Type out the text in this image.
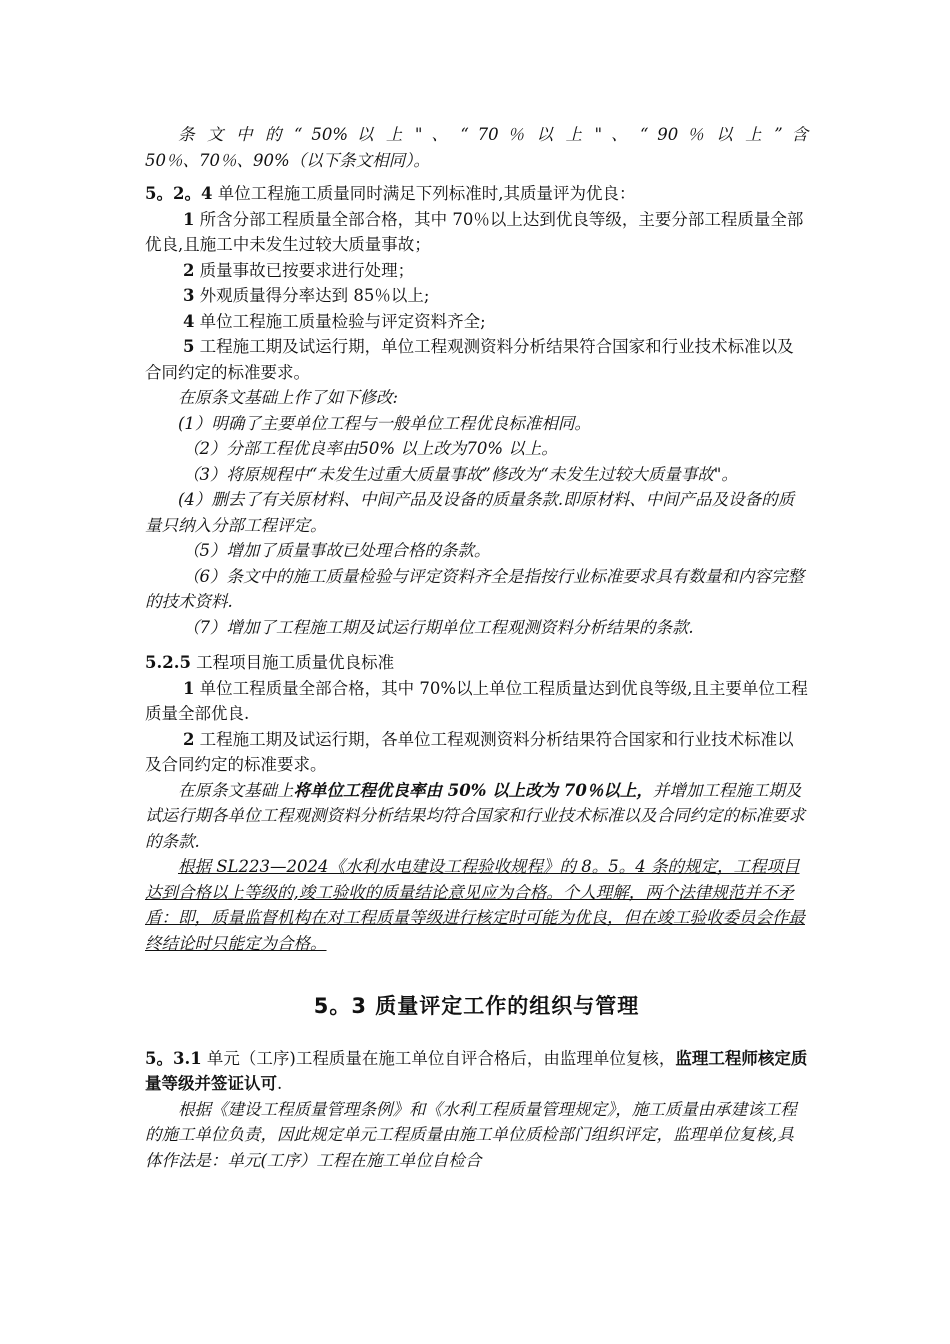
条 文 中 的 “ 50% 以 上 " 、 “ 70 ％ 以 上 " 、 “ 90 ％ 以 上 ” 含

50％、70％、90%（以下条文相同）。

5。2。4 单位工程施工质量同时满足下列标准时,其质量评为优良：

1 所含分部工程质量全部合格，其中 70％以上达到优良等级，主要分部工程质量全部优良,且施工中未发生过较大质量事故；

2 质量事故已按要求进行处理；

3 外观质量得分率达到 85％以上;

4 单位工程施工质量检验与评定资料齐全;

5 工程施工期及试运行期，单位工程观测资料分析结果符合国家和行业技术标准以及合同约定的标准要求。

在原条文基础上作了如下修改:

(1）明确了主要单位工程与一般单位工程优良标准相同。

（2）分部工程优良率由50% 以上改为70% 以上。

（3）将原规程中“未发生过重大质量事故”修改为“未发生过较大质量事故"。

(4）删去了有关原材料、中间产品及设备的质量条款.即原材料、中间产品及设备的质量只纳入分部工程评定。

（5）增加了质量事故已处理合格的条款。

（6）条文中的施工质量检验与评定资料齐全是指按行业标准要求具有数量和内容完整的技术资料.

（7）增加了工程施工期及试运行期单位工程观测资料分析结果的条款.

5.2.5 工程项目施工质量优良标准

1 单位工程质量全部合格，其中 70%以上单位工程质量达到优良等级,且主要单位工程质量全部优良.

2 工程施工期及试运行期，各单位工程观测资料分析结果符合国家和行业技术标准以及合同约定的标准要求。

在原条文基础上将单位工程优良率由 50% 以上改为 70％以上，并增加工程施工期及试运行期各单位工程观测资料分析结果均符合国家和行业技术标准以及合同约定的标准要求的条款.

根据 SL223—2024《水利水电建设工程验收规程》的 8。5。4 条的规定，工程项目达到合格以上等级的,竣工验收的质量结论意见应为合格。个人理解，两个法律规范并不矛盾：即，质量监督机构在对工程质量等级进行核定时可能为优良，但在竣工验收委员会作最终结论时只能定为合格。

5。3 质量评定工作的组织与管理

5。3.1 单元（工序)工程质量在施工单位自评合格后，由监理单位复核，监理工程师核定质量等级并签证认可.

根据《建设工程质量管理条例》和《水利工程质量管理规定》，施工质量由承建该工程的施工单位负责，因此规定单元工程质量由施工单位质检部门组织评定，监理单位复核,具体作法是：单元(工序）工程在施工单位自检合
